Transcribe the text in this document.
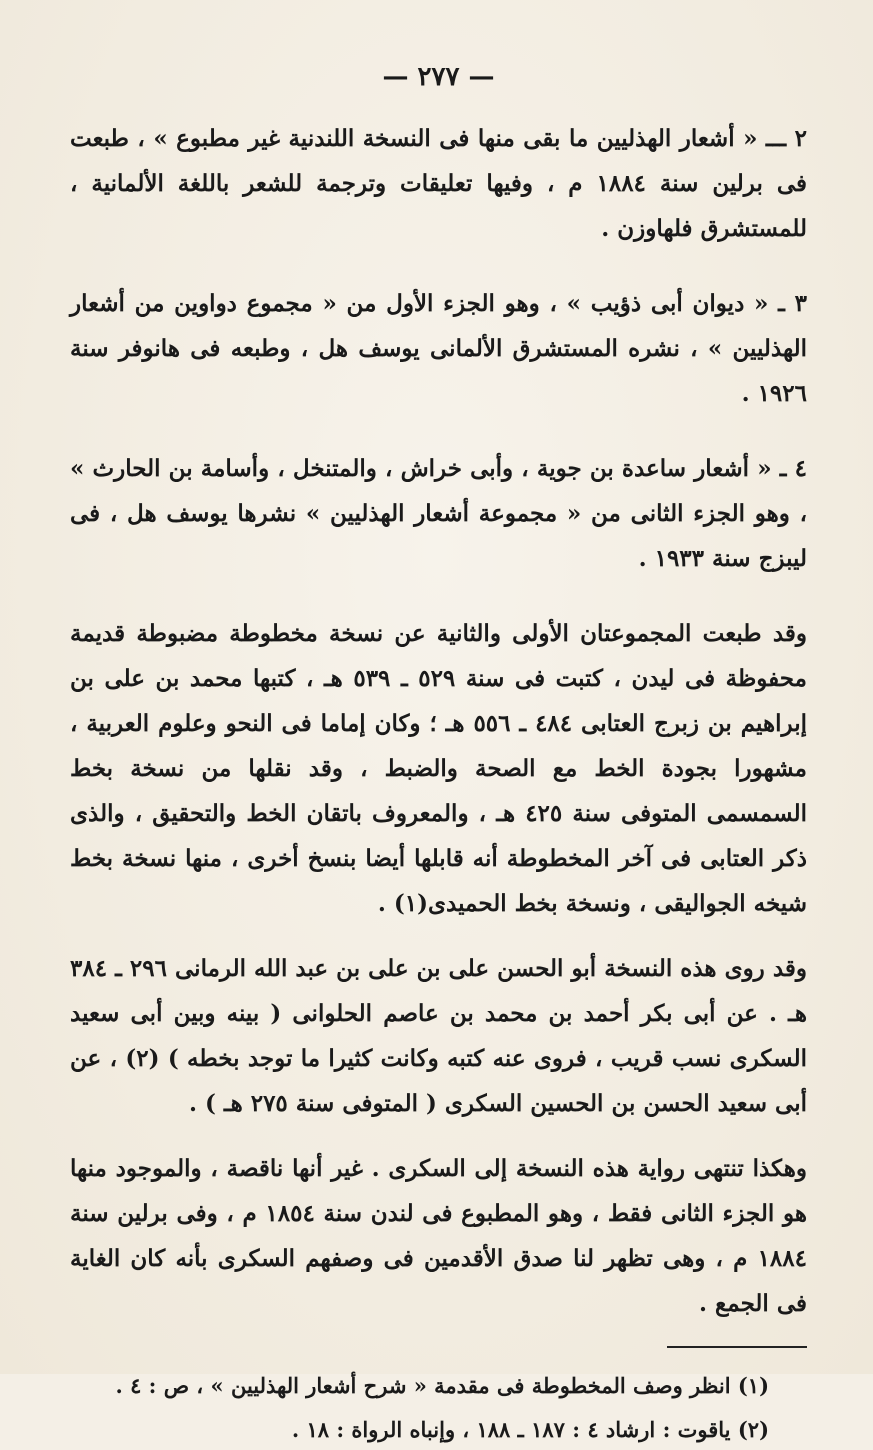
— ٢٧٧ —

٢ ـــ « أشعار الهذليين ما بقى منها فى النسخة اللندنية غير مطبوع » ، طبعت فى برلين سنة ١٨٨٤ م ، وفيها تعليقات وترجمة للشعر باللغة الألمانية ، للمستشرق فلهاوزن .

٣ ـ « ديوان أبى ذؤيب » ، وهو الجزء الأول من « مجموع دواوين من أشعار الهذليين » ، نشره المستشرق الألمانى يوسف هل ، وطبعه فى هانوفر سنة ١٩٢٦ .

٤ ـ « أشعار ساعدة بن جوية ، وأبى خراش ، والمتنخل ، وأسامة بن الحارث » ، وهو الجزء الثانى من « مجموعة أشعار الهذليين » نشرها يوسف هل ، فى ليبزج سنة ١٩٣٣ .

وقد طبعت المجموعتان الأولى والثانية عن نسخة مخطوطة مضبوطة قديمة محفوظة فى ليدن ، كتبت فى سنة ٥٢٩ ـ ٥٣٩ هـ ، كتبها محمد بن على بن إبراهيم بن زبرج العتابى ٤٨٤ ـ ٥٥٦ هـ ؛ وكان إماما فى النحو وعلوم العربية ، مشهورا بجودة الخط مع الصحة والضبط ، وقد نقلها من نسخة بخط السمسمى المتوفى سنة ٤٢٥ هـ ، والمعروف باتقان الخط والتحقيق ، والذى ذكر العتابى فى آخر المخطوطة أنه قابلها أيضا بنسخ أخرى ، منها نسخة بخط شيخه الجواليقى ، ونسخة بخط الحميدى(١) .

وقد روى هذه النسخة أبو الحسن على بن على بن عبد الله الرمانى ٢٩٦ ـ ٣٨٤ هـ . عن أبى بكر أحمد بن محمد بن عاصم الحلوانى ( بينه وبين أبى سعيد السكرى نسب قريب ، فروى عنه كتبه وكانت كثيرا ما توجد بخطه ) (٢) ، عن أبى سعيد الحسن بن الحسين السكرى ( المتوفى سنة ٢٧٥ هـ ) .

وهكذا تنتهى رواية هذه النسخة إلى السكرى . غير أنها ناقصة ، والموجود منها هو الجزء الثانى فقط ، وهو المطبوع فى لندن سنة ١٨٥٤ م ، وفى برلين سنة ١٨٨٤ م ، وهى تظهر لنا صدق الأقدمين فى وصفهم السكرى بأنه كان الغاية فى الجمع .

(١) انظر وصف المخطوطة فى مقدمة « شرح أشعار الهذليين » ، ص : ٤ .

(٢) ياقوت : ارشاد ٤ : ١٨٧ ـ ١٨٨ ، وإنباه الرواة : ١٨ .
